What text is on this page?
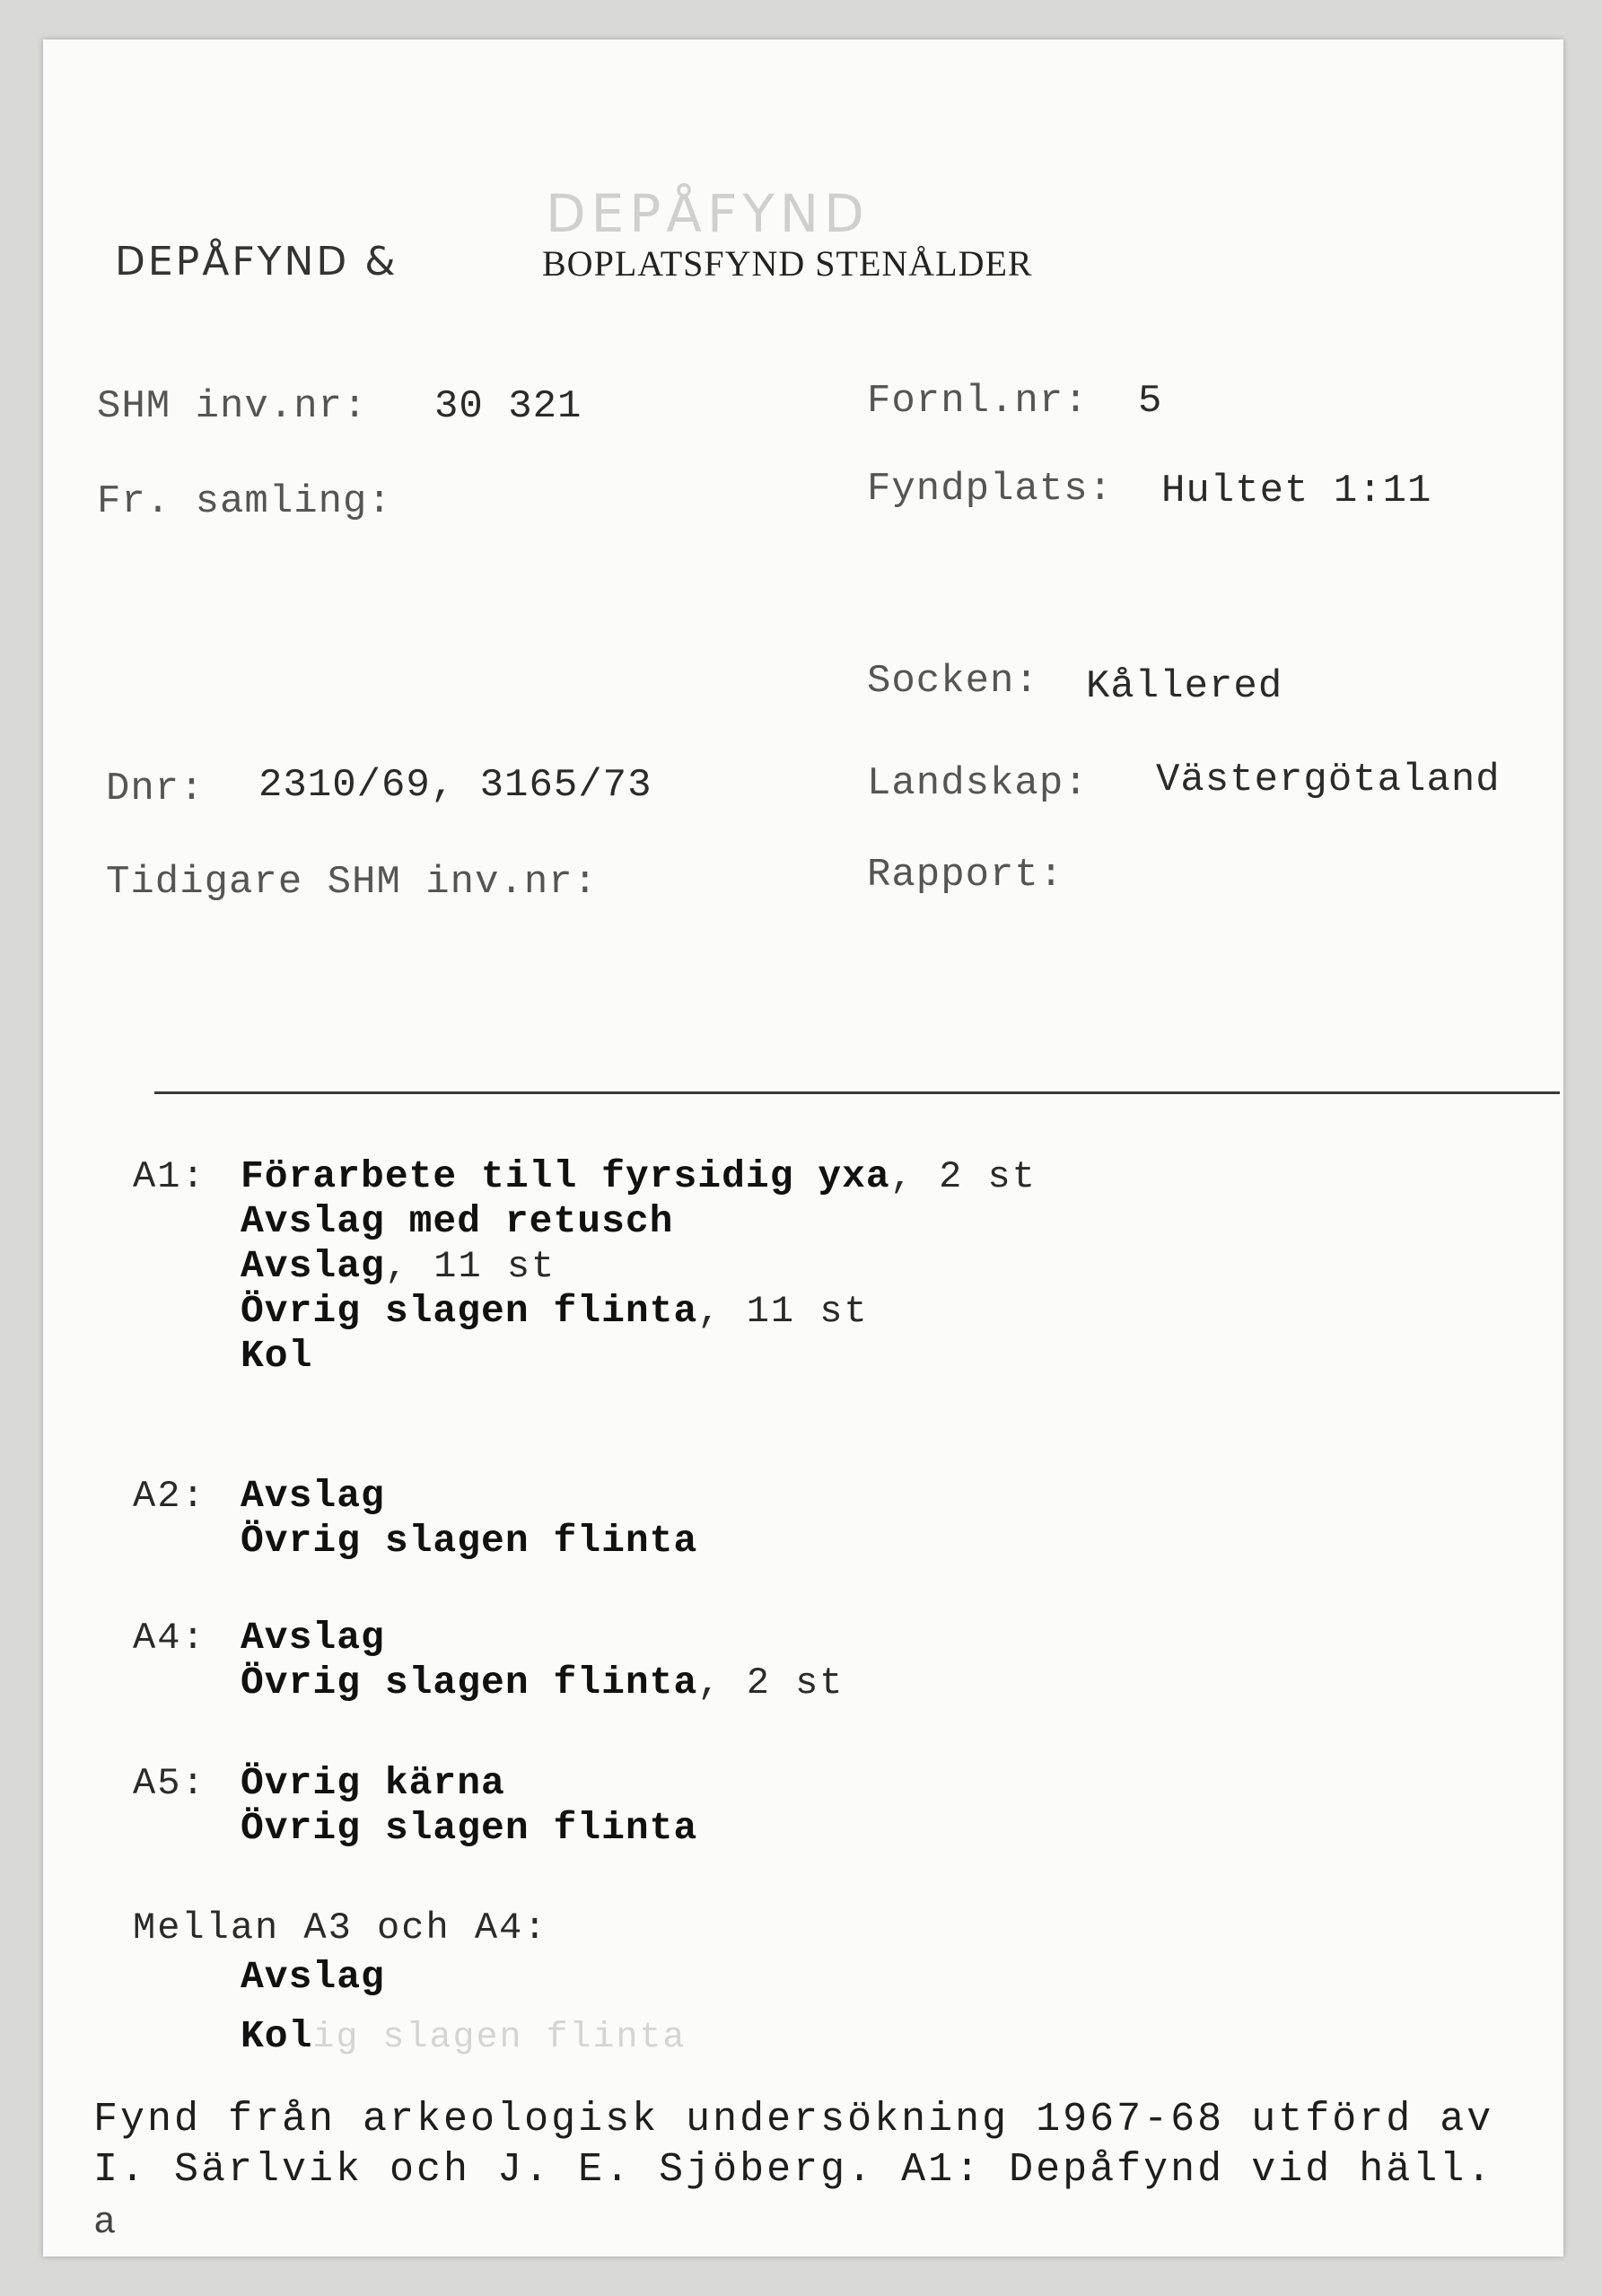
DEPÅFYND
DEPÅFYND &	BOPLATSFYND STENÅLDER
SHM inv.nr: 30 321
Fr. samling:
Dnr: 2310/69, 3165/73
Tidigare SHM inv.nr:
Fornl.nr: 5
Fyndplats: Hultet 1:11
Socken: Kållered
Landskap: Västergötaland
Rapport:
A1: Förarbete till fyrsidig yxa , 2 st
Avslag med retusch
Avslag , 11 st
Övrig slagen flinta , 11 st
Kol
A2: Avslag
Övrig slagen flinta
A4: Avslag
Övrig slagen flinta , 2 st
A5: Övrig kärna
Övrig slagen flinta
Mellan A3 och A4:
Avslag
Kol ig slagen flinta
Fynd från arkeologisk undersökning 1967-68 utförd av
I. Särlvik och J. E. Sjöberg. A1: Depåfynd vid häll.
a
